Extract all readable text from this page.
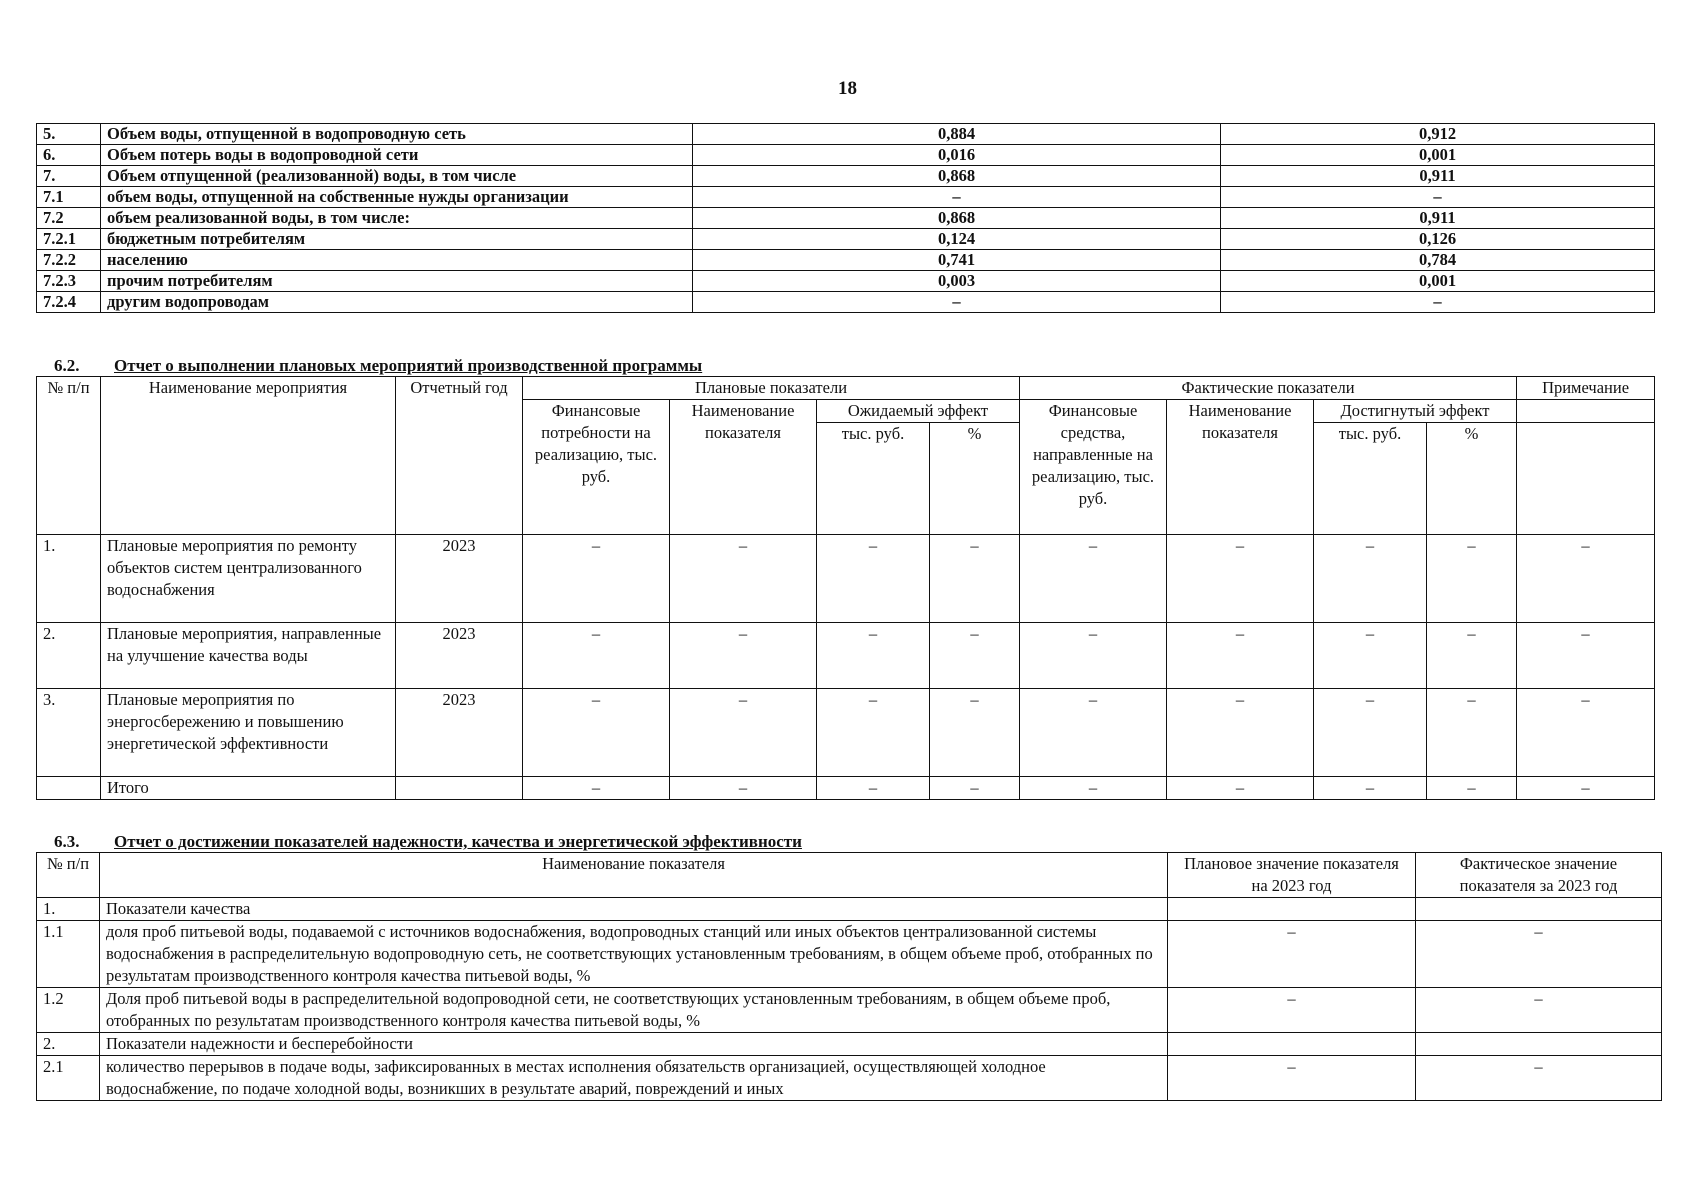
18
5.	Объем воды, отпущенной в водопроводную сеть	0,884	0,912
6.	Объем потерь воды в водопроводной сети	0,016	0,001
7.	Объем отпущенной (реализованной) воды, в том числе	0,868	0,911
7.1	объем воды, отпущенной на собственные нужды организации	–	–
7.2	объем реализованной воды, в том числе:	0,868	0,911
7.2.1	бюджетным потребителям	0,124	0,126
7.2.2	населению	0,741	0,784
7.2.3	прочим потребителям	0,003	0,001
7.2.4	другим водопроводам	–	–
6.2. Отчет о выполнении плановых мероприятий производственной программы
№ п/п	Наименование мероприятия	Отчетный год	Плановые показатели				Фактические показатели				Примечание
			Финансовые потребности на реализацию, тыс. руб.	Наименование показателя	Ожидаемый эффект		Финансовые средства, направленные на реализацию, тыс. руб.	Наименование показателя	Достигнутый эффект		
					тыс. руб.	%			тыс. руб.	%	
1.	Плановые мероприятия по ремонту объектов систем централизованного водоснабжения	2023	–	–	–	–	–	–	–	–	–
2.	Плановые мероприятия, направленные на улучшение качества воды	2023	–	–	–	–	–	–	–	–	–
3.	Плановые мероприятия по энергосбережению и повышению энергетической эффективности	2023	–	–	–	–	–	–	–	–	–
	Итого		–	–	–	–	–	–	–	–	–
6.3. Отчет о достижении показателей надежности, качества и энергетической эффективности
№ п/п	Наименование показателя	Плановое значение показателя на 2023 год	Фактическое значение показателя за 2023 год
1.	Показатели качества		
1.1	доля проб питьевой воды, подаваемой с источников водоснабжения, водопроводных станций или иных объектов централизованной системы водоснабжения в распределительную водопроводную сеть, не соответствующих установленным требованиям, в общем объеме проб, отобранных по результатам производственного контроля качества питьевой воды, %	–	–
1.2	Доля проб питьевой воды в распределительной водопроводной сети, не соответствующих установленным требованиям, в общем объеме проб, отобранных по результатам производственного контроля качества питьевой воды, %	–	–
2.	Показатели надежности и бесперебойности		
2.1	количество перерывов в подаче воды, зафиксированных в местах исполнения обязательств организацией, осуществляющей холодное водоснабжение, по подаче холодной воды, возникших в результате аварий, повреждений и иных	–	–
